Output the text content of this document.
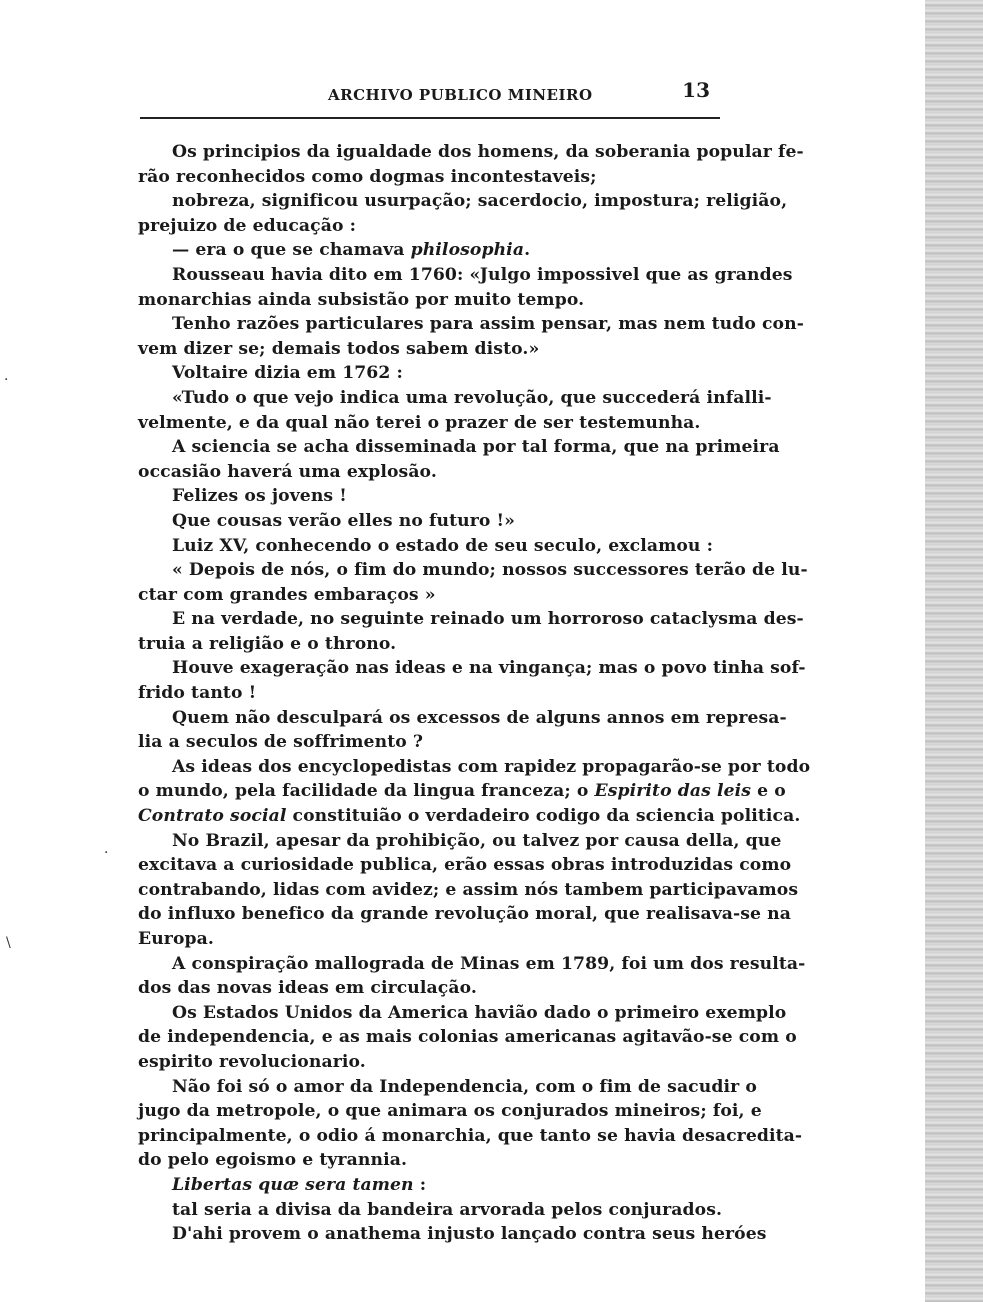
ARCHIVO PUBLICO MINEIRO	13
·
·
\
Os principios da igualdade dos homens, da soberania popular fe-
rão reconhecidos como dogmas incontestaveis;
nobreza, significou usurpação; sacerdocio, impostura; religião,
prejuizo de educação :
— era o que se chamava philosophia.
Rousseau havia dito em 1760: «Julgo impossivel que as grandes
monarchias ainda subsistão por muito tempo.
Tenho razões particulares para assim pensar, mas nem tudo con-
vem dizer se; demais todos sabem disto.»
Voltaire dizia em 1762 :
«Tudo o que vejo indica uma revolução, que succederá infalli-
velmente, e da qual não terei o prazer de ser testemunha.
A sciencia se acha disseminada por tal forma, que na primeira
occasião haverá uma explosão.
Felizes os jovens !
Que cousas verão elles no futuro !»
Luiz XV, conhecendo o estado de seu seculo, exclamou :
« Depois de nós, o fim do mundo; nossos successores terão de lu-
ctar com grandes embaraços »
E na verdade, no seguinte reinado um horroroso cataclysma des-
truia a religião e o throno.
Houve exageração nas ideas e na vingança; mas o povo tinha sof-
frido tanto !
Quem não desculpará os excessos de alguns annos em represa-
lia a seculos de soffrimento ?
As ideas dos encyclopedistas com rapidez propagarão-se por todo
o mundo, pela facilidade da lingua franceza; o Espirito das leis e o
Contrato social constituião o verdadeiro codigo da sciencia politica.
No Brazil, apesar da prohibição, ou talvez por causa della, que
excitava a curiosidade publica, erão essas obras introduzidas como
contrabando, lidas com avidez; e assim nós tambem participavamos
do influxo benefico da grande revolução moral, que realisava-se na
Europa.
A conspiração mallograda de Minas em 1789, foi um dos resulta-
dos das novas ideas em circulação.
Os Estados Unidos da America havião dado o primeiro exemplo
de independencia, e as mais colonias americanas agitavão-se com o
espirito revolucionario.
Não foi só o amor da Independencia, com o fim de sacudir o
jugo da metropole, o que animara os conjurados mineiros; foi, e
principalmente, o odio á monarchia, que tanto se havia desacredita-
do pelo egoismo e tyrannia.
Libertas quæ sera tamen :
tal seria a divisa da bandeira arvorada pelos conjurados.
D'ahi provem o anathema injusto lançado contra seus heróes
